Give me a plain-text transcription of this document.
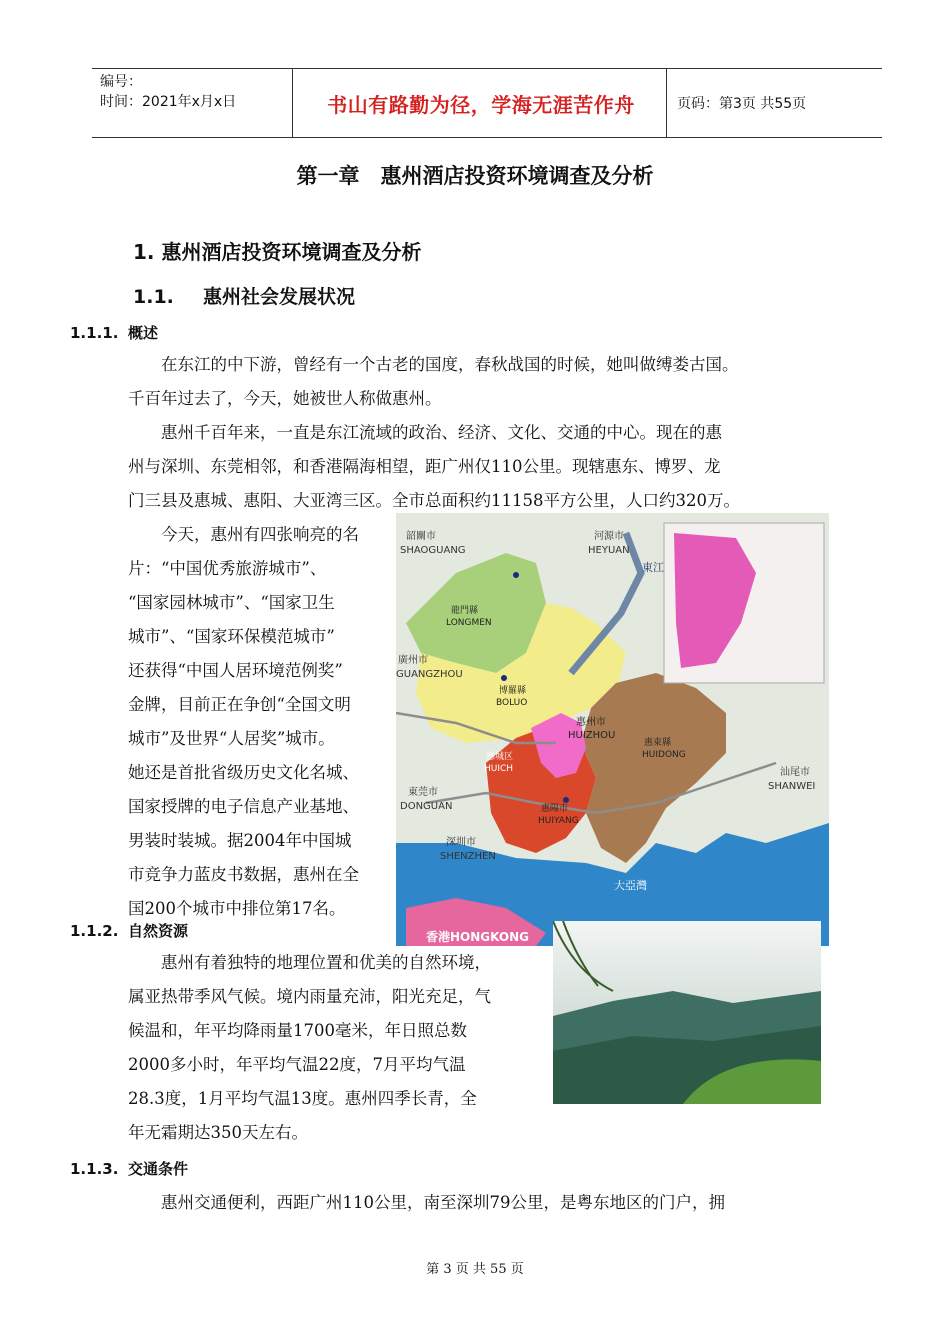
编号：
时间：2021年x月x日	书山有路勤为径，学海无涯苦作舟	页码：第3页 共55页
第一章　惠州酒店投资环境调查及分析
1. 惠州酒店投资环境调查及分析
1.1. 惠州社会发展状况
1.1.1. 概述
　　在东江的中下游，曾经有一个古老的国度，春秋战国的时候，她叫做缚娄古国。
千百年过去了，今天，她被世人称做惠州。
　　惠州千百年来，一直是东江流域的政治、经济、文化、交通的中心。现在的惠
州与深圳、东莞相邻，和香港隔海相望，距广州仅110公里。现辖惠东、博罗、龙
门三县及惠城、惠阳、大亚湾三区。全市总面积约11158平方公里，人口约320万。
　　今天，惠州有四张响亮的名
片：“中国优秀旅游城市”、
“国家园林城市”、“国家卫生
城市”、“国家环保模范城市”
还获得“中国人居环境范例奖”
金牌，目前正在争创“全国文明
城市”及世界“人居奖”城市。
她还是首批省级历史文化名城、
国家授牌的电子信息产业基地、
男装时装城。据2004年中国城
市竞争力蓝皮书数据，惠州在全
国200个城市中排位第17名。
韶關市
SHAOGUANG
河源市
HEYUAN
龍門縣
LONGMEN
廣州市
GUANGZHOU
博羅縣
BOLUO
惠州市
HUIZHOU
惠城区
HUICH
惠東縣
HUIDONG
惠陽市
HUIYANG
東莞市
DONGUAN
汕尾市
SHANWEI
深圳市
SHENZHEN
大亞灣
香港HONGKONG
東江
1.1.2. 自然资源
　　惠州有着独特的地理位置和优美的自然环境，
属亚热带季风气候。境内雨量充沛，阳光充足，气
候温和，年平均降雨量1700毫米，年日照总数
2000多小时，年平均气温22度，7月平均气温
28.3度，1月平均气温13度。惠州四季长青，全
年无霜期达350天左右。
1.1.3. 交通条件
　　惠州交通便利，西距广州110公里，南至深圳79公里，是粤东地区的门户，拥
第 3 页 共 55 页
